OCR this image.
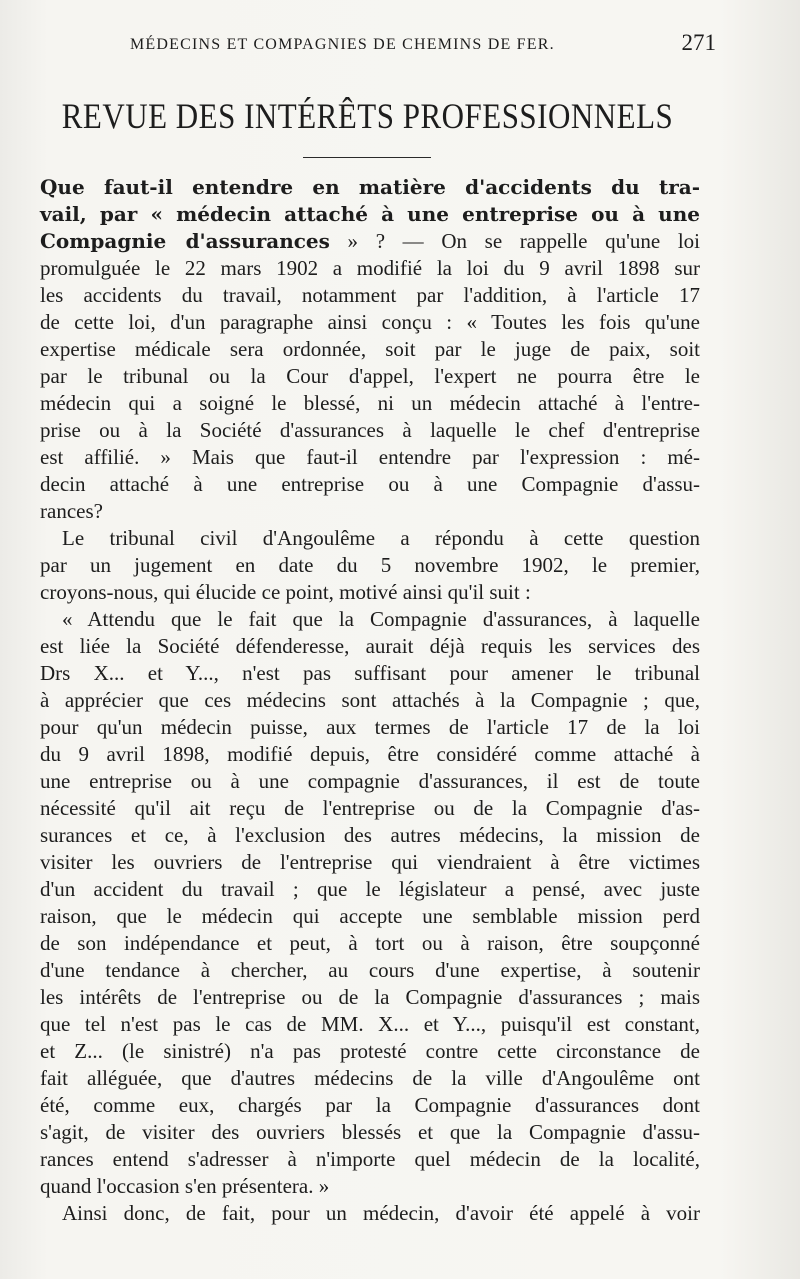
MÉDECINS ET COMPAGNIES DE CHEMINS DE FER.	271
REVUE DES INTÉRÊTS PROFESSIONNELS
Que faut-il entendre en matière d'accidents du tra-
vail, par « médecin attaché à une entreprise ou à une
Compagnie d'assurances » ? — On se rappelle qu'une loi
promulguée le 22 mars 1902 a modifié la loi du 9 avril 1898 sur
les accidents du travail, notamment par l'addition, à l'article 17
de cette loi, d'un paragraphe ainsi conçu : « Toutes les fois qu'une
expertise médicale sera ordonnée, soit par le juge de paix, soit
par le tribunal ou la Cour d'appel, l'expert ne pourra être le
médecin qui a soigné le blessé, ni un médecin attaché à l'entre-
prise ou à la Société d'assurances à laquelle le chef d'entreprise
est affilié. » Mais que faut-il entendre par l'expression : mé-
decin attaché à une entreprise ou à une Compagnie d'assu-
rances?
Le tribunal civil d'Angoulême a répondu à cette question
par un jugement en date du 5 novembre 1902, le premier,
croyons-nous, qui élucide ce point, motivé ainsi qu'il suit :
« Attendu que le fait que la Compagnie d'assurances, à laquelle
est liée la Société défenderesse, aurait déjà requis les services des
Drs X... et Y..., n'est pas suffisant pour amener le tribunal
à apprécier que ces médecins sont attachés à la Compagnie ; que,
pour qu'un médecin puisse, aux termes de l'article 17 de la loi
du 9 avril 1898, modifié depuis, être considéré comme attaché à
une entreprise ou à une compagnie d'assurances, il est de toute
nécessité qu'il ait reçu de l'entreprise ou de la Compagnie d'as-
surances et ce, à l'exclusion des autres médecins, la mission de
visiter les ouvriers de l'entreprise qui viendraient à être victimes
d'un accident du travail ; que le législateur a pensé, avec juste
raison, que le médecin qui accepte une semblable mission perd
de son indépendance et peut, à tort ou à raison, être soupçonné
d'une tendance à chercher, au cours d'une expertise, à soutenir
les intérêts de l'entreprise ou de la Compagnie d'assurances ; mais
que tel n'est pas le cas de MM. X... et Y..., puisqu'il est constant,
et Z... (le sinistré) n'a pas protesté contre cette circonstance de
fait alléguée, que d'autres médecins de la ville d'Angoulême ont
été, comme eux, chargés par la Compagnie d'assurances dont
s'agit, de visiter des ouvriers blessés et que la Compagnie d'assu-
rances entend s'adresser à n'importe quel médecin de la localité,
quand l'occasion s'en présentera. »
Ainsi donc, de fait, pour un médecin, d'avoir été appelé à voir
